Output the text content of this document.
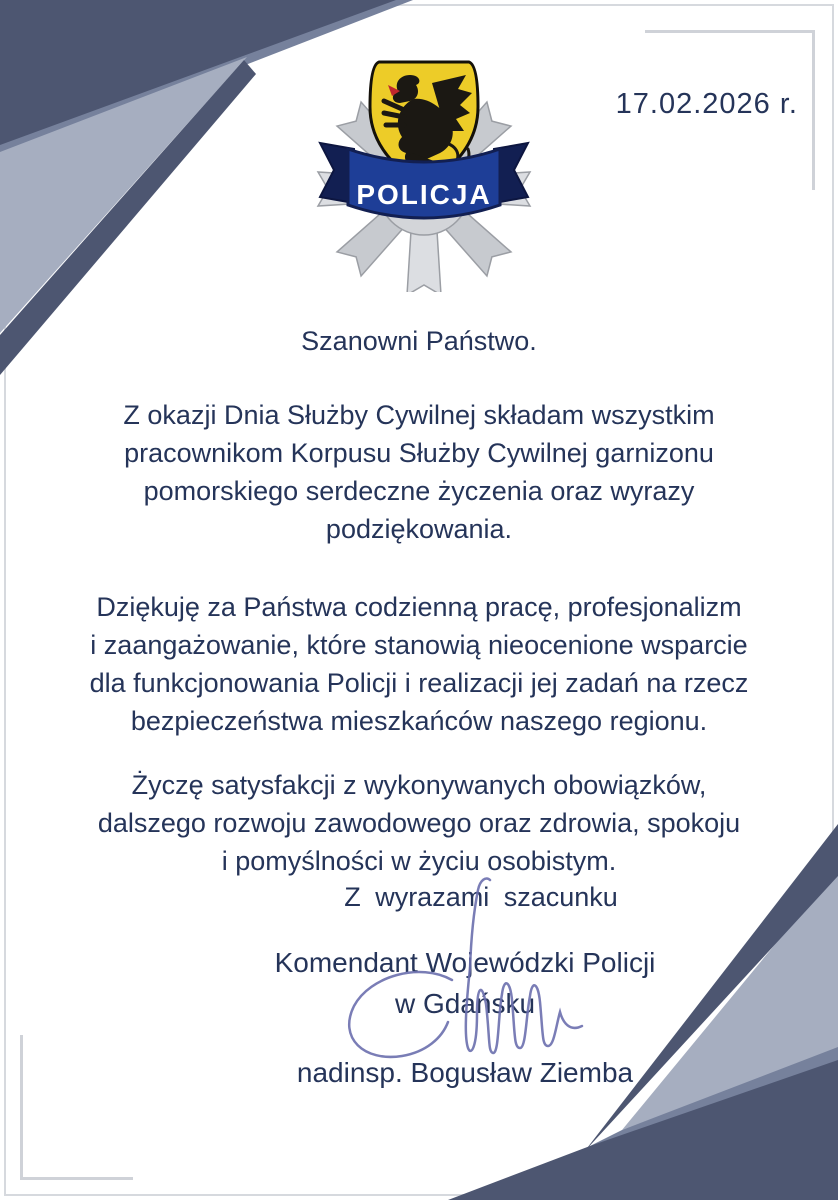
POLICJA
17.02.2026 r.
Szanowni Państwo.
Z okazji Dnia Służby Cywilnej składam wszystkim
pracownikom Korpusu Służby Cywilnej garnizonu
pomorskiego serdeczne życzenia oraz wyrazy
podziękowania.
Dziękuję za Państwa codzienną pracę, profesjonalizm
i zaangażowanie, które stanowią nieocenione wsparcie
dla funkcjonowania Policji i realizacji jej zadań na rzecz
bezpieczeństwa mieszkańców naszego regionu.
Życzę satysfakcji z wykonywanych obowiązków,
dalszego rozwoju zawodowego oraz zdrowia, spokoju
i pomyślności w życiu osobistym.
Z wyrazami szacunku
Komendant Wojewódzki Policji
w Gdańsku
nadinsp. Bogusław Ziemba
